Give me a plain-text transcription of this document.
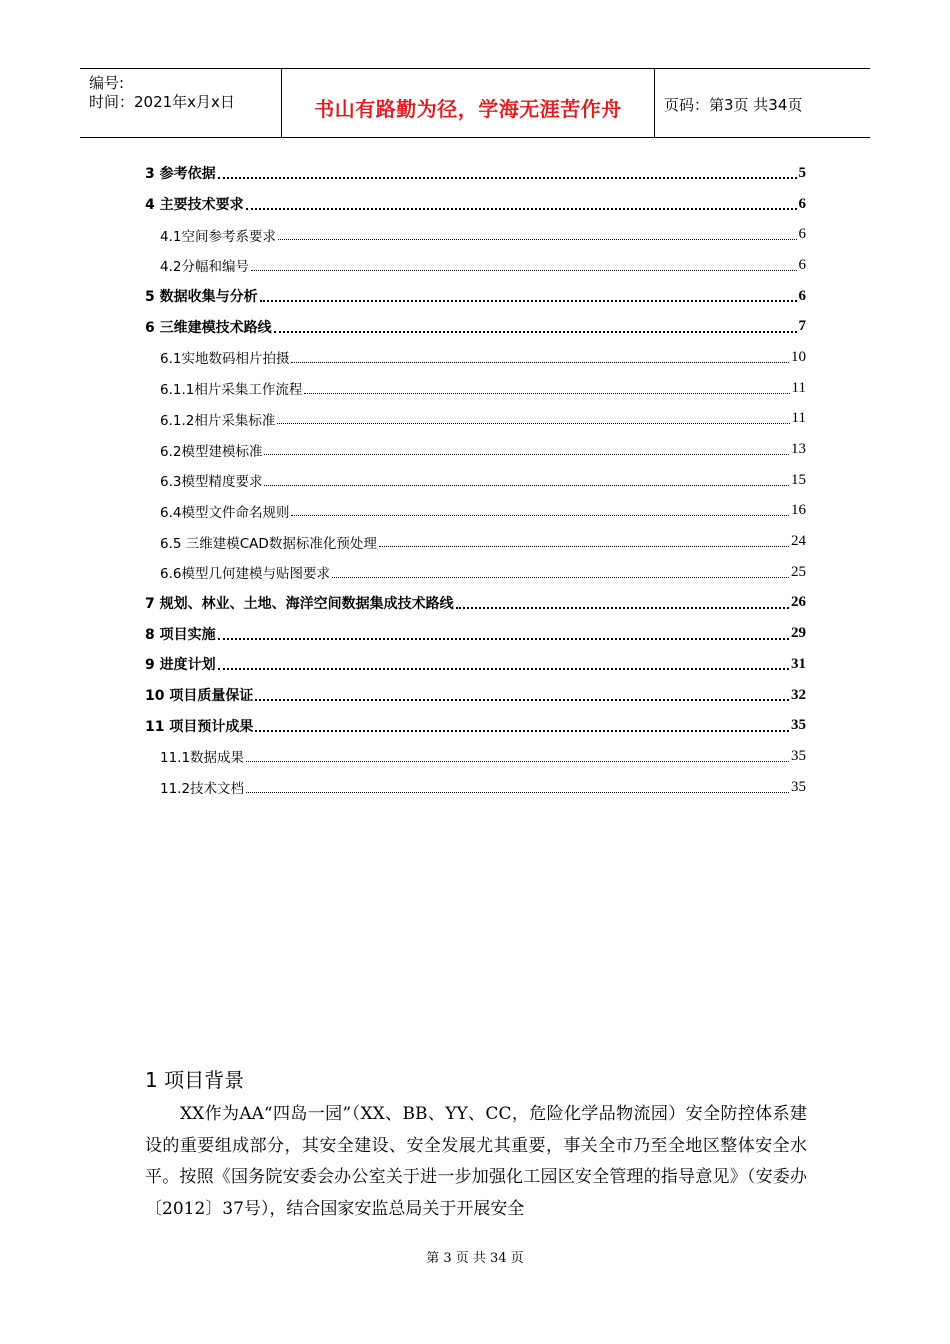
编号:
时间：2021年x月x日	书山有路勤为径，学海无涯苦作舟	页码：第3页 共34页
3 参考依据	5
4 主要技术要求	6
4.1空间参考系要求	6
4.2分幅和编号	6
5 数据收集与分析	6
6 三维建模技术路线	7
6.1实地数码相片拍摄	10
6.1.1相片采集工作流程	11
6.1.2相片采集标准	11
6.2模型建模标准	13
6.3模型精度要求	15
6.4模型文件命名规则	16
6.5 三维建模CAD数据标准化预处理	24
6.6模型几何建模与贴图要求	25
7 规划、林业、土地、海洋空间数据集成技术路线	26
8 项目实施	29
9 进度计划	31
10 项目质量保证	32
11 项目预计成果	35
11.1数据成果	35
11.2技术文档	35
1 项目背景
XX作为AA“四岛一园”（XX、BB、YY、CC，危险化学品物流园）安全防控体系建设的重要组成部分，其安全建设、安全发展尤其重要，事关全市乃至全地区整体安全水平。按照《国务院安委会办公室关于进一步加强化工园区安全管理的指导意见》（安委办〔2012〕37号），结合国家安监总局关于开展安全
第 3 页 共 34 页
